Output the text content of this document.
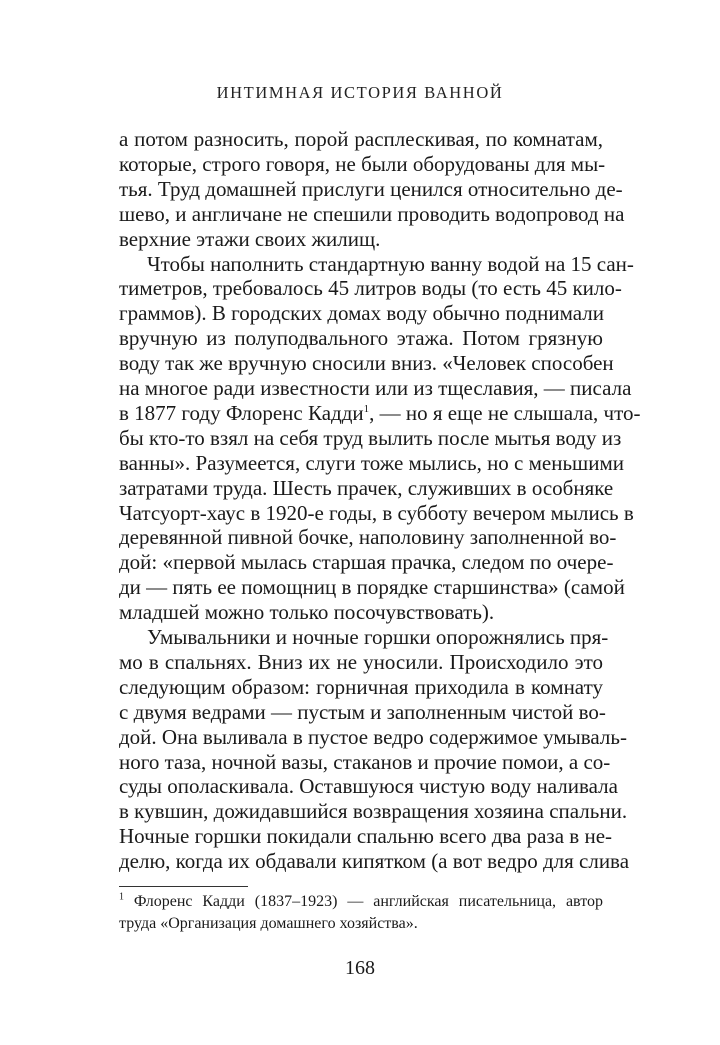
ИНТИМНАЯ ИСТОРИЯ ВАННОЙ
а потом разносить, порой расплескивая, по комнатам,
которые, строго говоря, не были оборудованы для мы-
тья. Труд домашней прислуги ценился относительно де-
шево, и англичане не спешили проводить водопровод на
верхние этажи своих жилищ.
Чтобы наполнить стандартную ванну водой на 15 сан-
тиметров, требовалось 45 литров воды (то есть 45 кило-
граммов). В городских домах воду обычно поднимали
вручную из полуподвального этажа. Потом грязную
воду так же вручную сносили вниз. «Человек способен
на многое ради известности или из тщеславия, — писала
в 1877 году Флоренс Кадди$^1$, — но я еще не слышала, что-
бы кто-то взял на себя труд вылить после мытья воду из
ванны». Разумеется, слуги тоже мылись, но с меньшими
затратами труда. Шесть прачек, служивших в особняке
Чатсуорт-хаус в 1920-е годы, в субботу вечером мылись в
деревянной пивной бочке, наполовину заполненной во-
дой: «первой мылась старшая прачка, следом по очере-
ди — пять ее помощниц в порядке старшинства» (самой
младшей можно только посочувствовать).
Умывальники и ночные горшки опорожнялись пря-
мо в спальнях. Вниз их не уносили. Происходило это
следующим образом: горничная приходила в комнату
с двумя ведрами — пустым и заполненным чистой во-
дой. Она выливала в пустое ведро содержимое умываль-
ного таза, ночной вазы, стаканов и прочие помои, а со-
суды ополаскивала. Оставшуюся чистую воду наливала
в кувшин, дожидавшийся возвращения хозяина спальни.
Ночные горшки покидали спальню всего два раза в не-
делю, когда их обдавали кипятком (а вот ведро для слива
$^1$ Флоренс Кадди (1837–1923) — английская писательница, автор
труда «Организация домашнего хозяйства».
168
